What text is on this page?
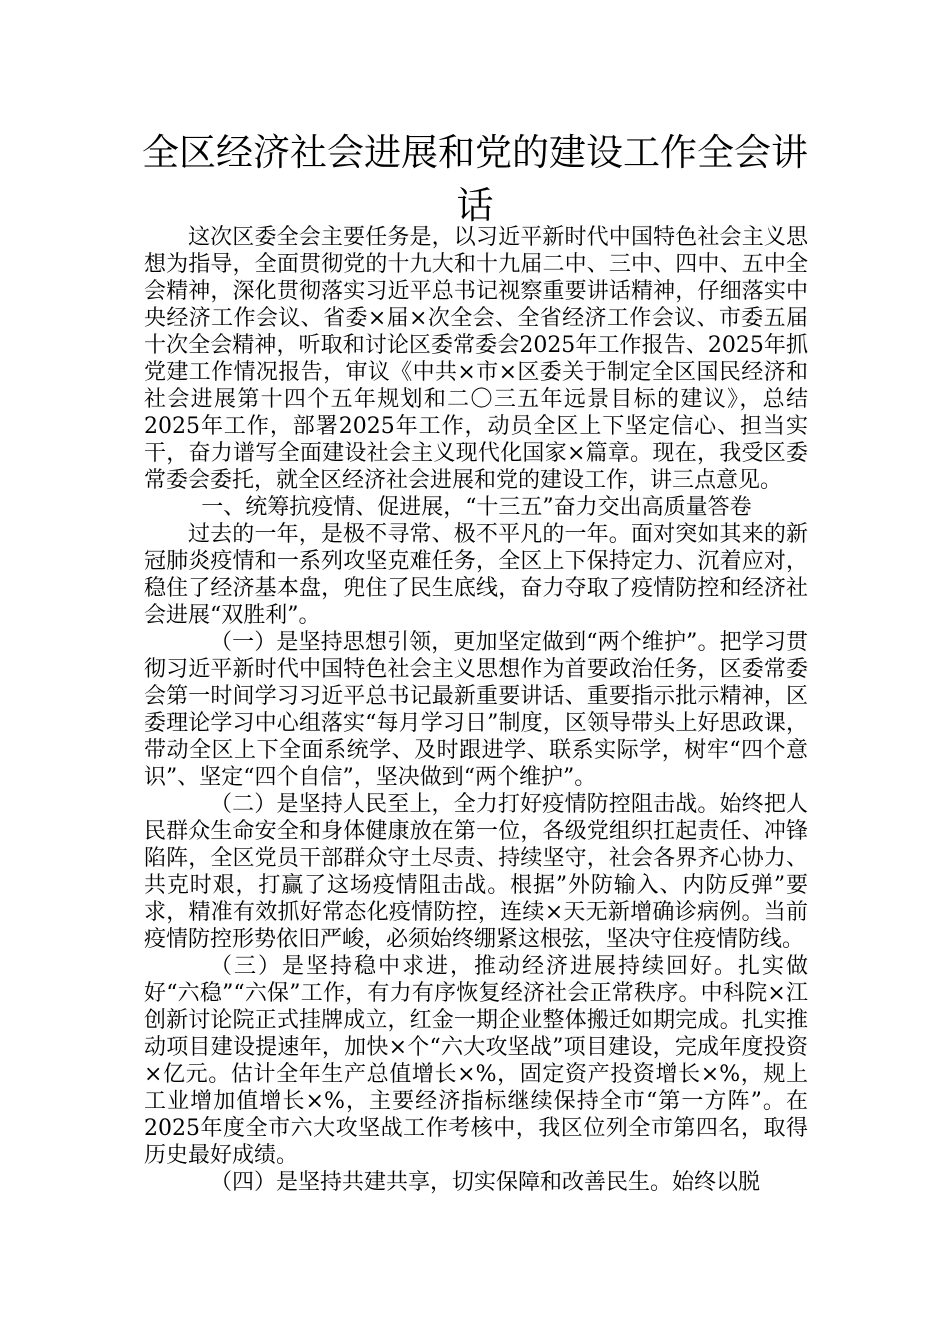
全区经济社会进展和党的建设工作全会讲话

这次区委全会主要任务是，以习近平新时代中国特色社会主义思想为指导，全面贯彻党的十九大和十九届二中、三中、四中、五中全会精神，深化贯彻落实习近平总书记视察重要讲话精神，仔细落实中央经济工作会议、省委×届×次全会、全省经济工作会议、市委五届十次全会精神，听取和讨论区委常委会2025年工作报告、2025年抓党建工作情况报告，审议《中共×市×区委关于制定全区国民经济和社会进展第十四个五年规划和二〇三五年远景目标的建议》，总结2025年工作，部署2025年工作，动员全区上下坚定信心、担当实干，奋力谱写全面建设社会主义现代化国家×篇章。现在，我受区委常委会委托，就全区经济社会进展和党的建设工作，讲三点意见。

一、统筹抗疫情、促进展，“十三五”奋力交出高质量答卷

过去的一年，是极不寻常、极不平凡的一年。面对突如其来的新冠肺炎疫情和一系列攻坚克难任务，全区上下保持定力、沉着应对，稳住了经济基本盘，兜住了民生底线，奋力夺取了疫情防控和经济社会进展“双胜利”。

（一）是坚持思想引领，更加坚定做到“两个维护”。把学习贯彻习近平新时代中国特色社会主义思想作为首要政治任务，区委常委会第一时间学习习近平总书记最新重要讲话、重要指示批示精神，区委理论学习中心组落实“每月学习日”制度，区领导带头上好思政课，带动全区上下全面系统学、及时跟进学、联系实际学，树牢“四个意识”、坚定“四个自信”，坚决做到“两个维护”。

（二）是坚持人民至上，全力打好疫情防控阻击战。始终把人民群众生命安全和身体健康放在第一位，各级党组织扛起责任、冲锋陷阵，全区党员干部群众守土尽责、持续坚守，社会各界齐心协力、共克时艰，打赢了这场疫情阻击战。根据”外防输入、内防反弹”要求，精准有效抓好常态化疫情防控，连续×天无新增确诊病例。当前疫情防控形势依旧严峻，必须始终绷紧这根弦，坚决守住疫情防线。

（三）是坚持稳中求进，推动经济进展持续回好。扎实做好“六稳”“六保”工作，有力有序恢复经济社会正常秩序。中科院×江创新讨论院正式挂牌成立，红金一期企业整体搬迁如期完成。扎实推动项目建设提速年，加快×个“六大攻坚战”项目建设，完成年度投资×亿元。估计全年生产总值增长×%，固定资产投资增长×%，规上工业增加值增长×%，主要经济指标继续保持全市“第一方阵”。在2025年度全市六大攻坚战工作考核中，我区位列全市第四名，取得历史最好成绩。

（四）是坚持共建共享，切实保障和改善民生。始终以脱
